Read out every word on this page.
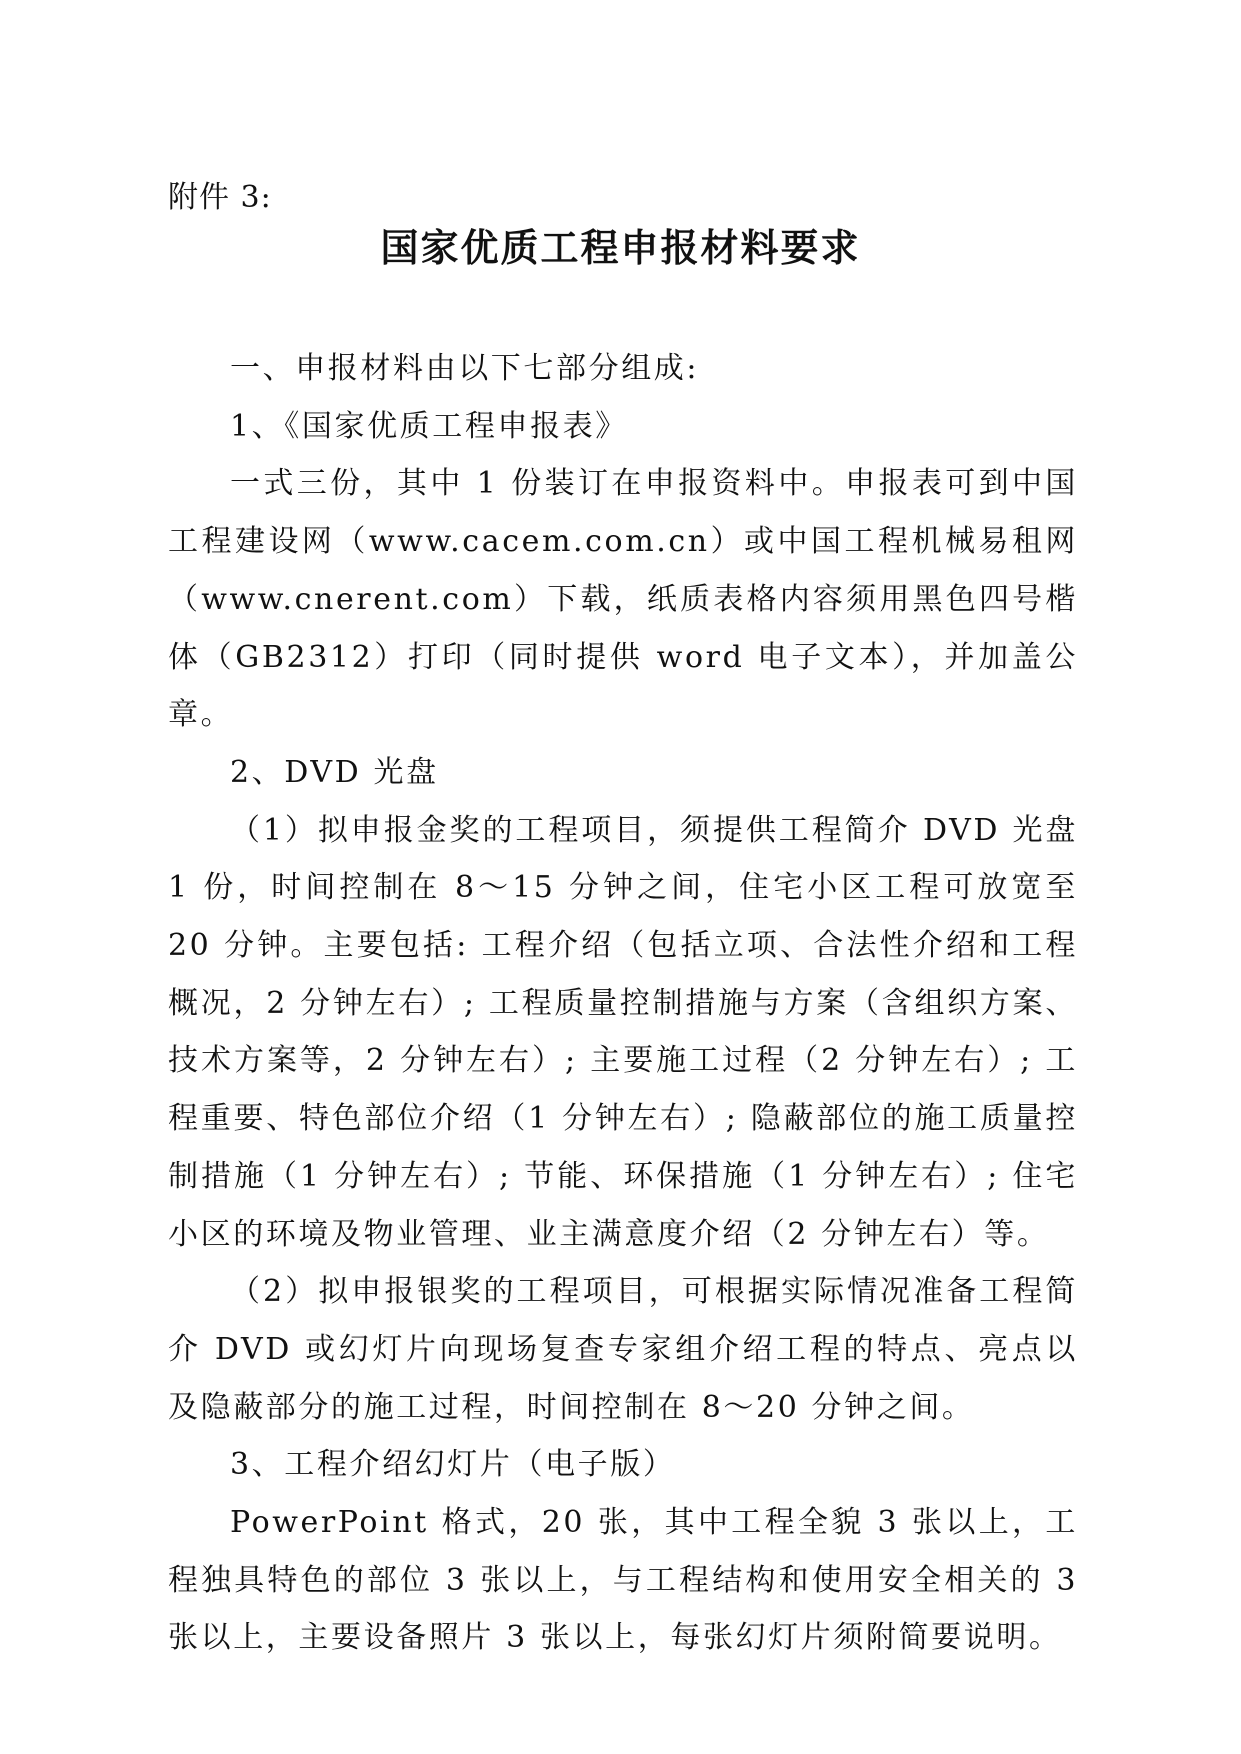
附件 3:
国家优质工程申报材料要求

一、申报材料由以下七部分组成:

1、《国家优质工程申报表》

一式三份，其中 1 份装订在申报资料中。申报表可到中国工程建设网（www.cacem.com.cn）或中国工程机械易租网（www.cnerent.com）下载，纸质表格内容须用黑色四号楷体（GB2312）打印（同时提供 word 电子文本），并加盖公章。

2、DVD 光盘

（1）拟申报金奖的工程项目，须提供工程简介 DVD 光盘 1 份，时间控制在 8～15 分钟之间，住宅小区工程可放宽至 20 分钟。主要包括: 工程介绍（包括立项、合法性介绍和工程概况，2 分钟左右）; 工程质量控制措施与方案（含组织方案、技术方案等，2 分钟左右）; 主要施工过程（2 分钟左右）; 工程重要、特色部位介绍（1 分钟左右）; 隐蔽部位的施工质量控制措施（1 分钟左右）; 节能、环保措施（1 分钟左右）; 住宅小区的环境及物业管理、业主满意度介绍（2 分钟左右）等。

（2）拟申报银奖的工程项目，可根据实际情况准备工程简介 DVD 或幻灯片向现场复查专家组介绍工程的特点、亮点以及隐蔽部分的施工过程，时间控制在 8～20 分钟之间。

3、工程介绍幻灯片（电子版）

PowerPoint 格式，20 张，其中工程全貌 3 张以上，工程独具特色的部位 3 张以上，与工程结构和使用安全相关的 3 张以上，主要设备照片 3 张以上，每张幻灯片须附简要说明。
